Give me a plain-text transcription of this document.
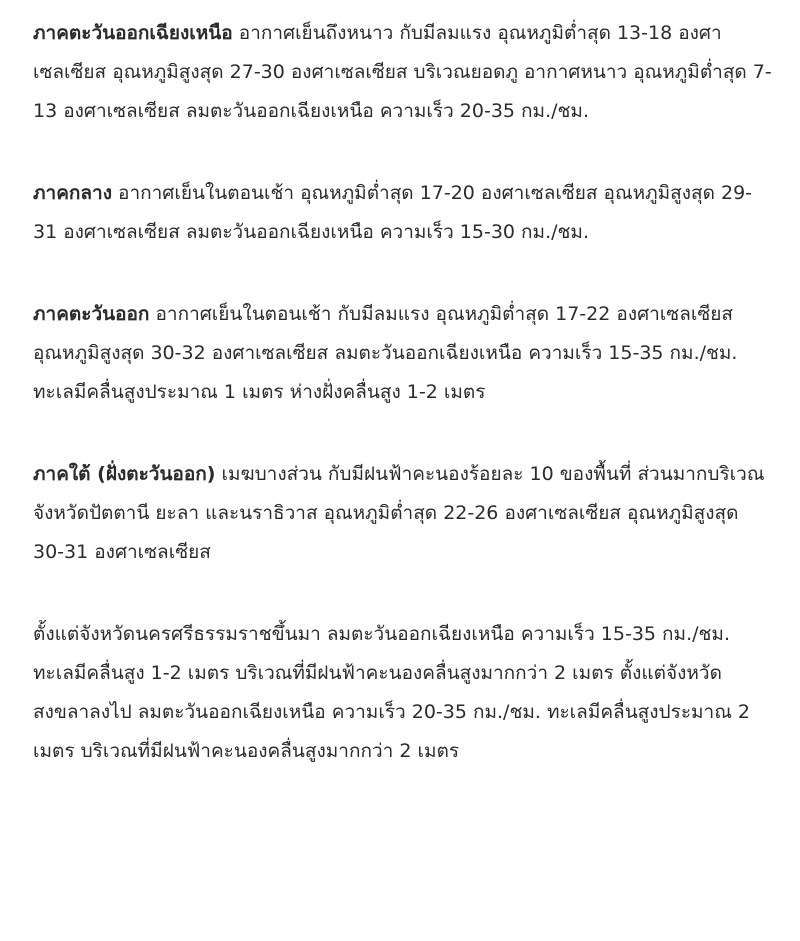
ภาคตะวันออกเฉียงเหนือ อากาศเย็นถึงหนาว กับมีลมแรง อุณหภูมิต่ำสุด 13-18 องศาเซลเซียส อุณหภูมิสูงสุด 27-30 องศาเซลเซียส บริเวณยอดภู อากาศหนาว อุณหภูมิต่ำสุด 7-13 องศาเซลเซียส ลมตะวันออกเฉียงเหนือ ความเร็ว 20-35 กม./ชม.

ภาคกลาง อากาศเย็นในตอนเช้า อุณหภูมิต่ำสุด 17-20 องศาเซลเซียส อุณหภูมิสูงสุด 29-31 องศาเซลเซียส ลมตะวันออกเฉียงเหนือ ความเร็ว 15-30 กม./ชม.

ภาคตะวันออก อากาศเย็นในตอนเช้า กับมีลมแรง อุณหภูมิต่ำสุด 17-22 องศาเซลเซียส อุณหภูมิสูงสุด 30-32 องศาเซลเซียส ลมตะวันออกเฉียงเหนือ ความเร็ว 15-35 กม./ชม. ทะเลมีคลื่นสูงประมาณ 1 เมตร ห่างฝั่งคลื่นสูง 1-2 เมตร

ภาคใต้ (ฝั่งตะวันออก) เมฆบางส่วน กับมีฝนฟ้าคะนองร้อยละ 10 ของพื้นที่ ส่วนมากบริเวณจังหวัดปัตตานี ยะลา และนราธิวาส อุณหภูมิต่ำสุด 22-26 องศาเซลเซียส อุณหภูมิสูงสุด 30-31 องศาเซลเซียส

ตั้งแต่จังหวัดนครศรีธรรมราชขึ้นมา ลมตะวันออกเฉียงเหนือ ความเร็ว 15-35 กม./ชม. ทะเลมีคลื่นสูง 1-2 เมตร บริเวณที่มีฝนฟ้าคะนองคลื่นสูงมากกว่า 2 เมตร ตั้งแต่จังหวัดสงขลาลงไป ลมตะวันออกเฉียงเหนือ ความเร็ว 20-35 กม./ชม. ทะเลมีคลื่นสูงประมาณ 2 เมตร บริเวณที่มีฝนฟ้าคะนองคลื่นสูงมากกว่า 2 เมตร
